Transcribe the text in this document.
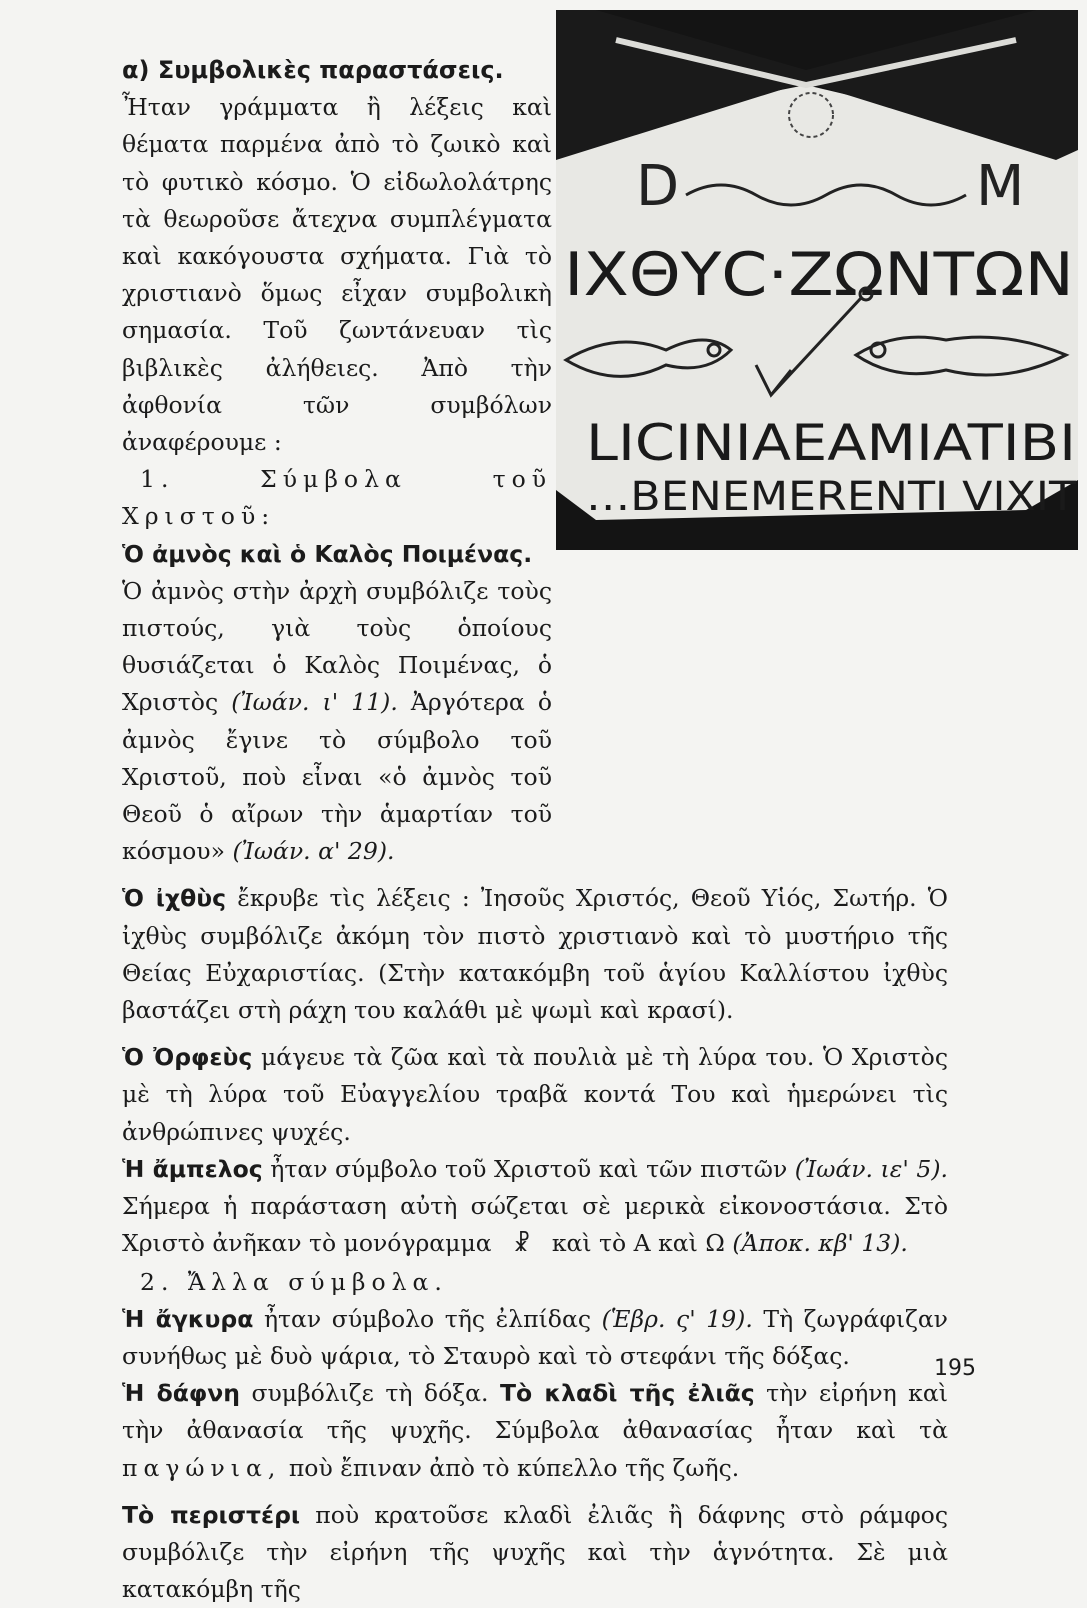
D	M
ΙΧΘΥϹ·ΖΩΝΤΩΝ
LICINIAEAMIATIBI
…BENEMERENTI VIXIT

α) Συμβολικὲς παραστάσεις.

Ἦταν γράμματα ἢ λέξεις καὶ θέματα παρμένα ἀπὸ τὸ ζωικὸ καὶ τὸ φυτικὸ κόσμο. Ὁ εἰδωλολάτρης τὰ θεωροῦσε ἄτεχνα συμπλέγματα καὶ κακόγουστα σχήματα. Γιὰ τὸ χριστιανὸ ὅμως εἶχαν συμβολικὴ σημασία. Τοῦ ζωντάνευαν τὶς βιβλικὲς ἀλήθειες. Ἀπὸ τὴν ἀφθονία τῶν συμβόλων ἀναφέρουμε :

1. Σύμβολα τοῦ Χριστοῦ:

Ὁ ἀμνὸς καὶ ὁ Καλὸς Ποιμένας.

Ὁ ἀμνὸς στὴν ἀρχὴ συμβόλιζε τοὺς πιστούς, γιὰ τοὺς ὁποίους θυσιάζεται ὁ Καλὸς Ποιμένας, ὁ Χριστὸς (Ἰωάν. ι' 11). Ἀργότερα ὁ ἀμνὸς ἔγινε τὸ σύμβολο τοῦ Χριστοῦ, ποὺ εἶναι «ὁ ἀμνὸς τοῦ Θεοῦ ὁ αἴρων τὴν ἁμαρτίαν τοῦ κόσμου» (Ἰωάν. α' 29).

Ὁ ἰχθὺς ἔκρυβε τὶς λέξεις : Ἰησοῦς Χριστός, Θεοῦ Υἱός, Σωτήρ. Ὁ ἰχθὺς συμβόλιζε ἀκόμη τὸν πιστὸ χριστιανὸ καὶ τὸ μυστήριο τῆς Θείας Εὐχαριστίας. (Στὴν κατακόμβη τοῦ ἁγίου Καλλίστου ἰχθὺς βαστάζει στὴ ράχη του καλάθι μὲ ψωμὶ καὶ κρασί).

Ὁ Ὀρφεὺς μάγευε τὰ ζῶα καὶ τὰ πουλιὰ μὲ τὴ λύρα του. Ὁ Χριστὸς μὲ τὴ λύρα τοῦ Εὐαγγελίου τραβᾶ κοντά Του καὶ ἡμερώνει τὶς ἀνθρώπινες ψυχές.

Ἡ ἄμπελος ἦταν σύμβολο τοῦ Χριστοῦ καὶ τῶν πιστῶν (Ἰωάν. ιε' 5). Σήμερα ἡ παράσταση αὐτὴ σώζεται σὲ μερικὰ εἰκονοστάσια. Στὸ Χριστὸ ἀνῆκαν τὸ μονόγραμμα ☧ καὶ τὸ Α καὶ Ω (Ἀποκ. κβ' 13).

2. Ἄλλα σύμβολα.

Ἡ ἄγκυρα ἦταν σύμβολο τῆς ἐλπίδας (Ἑβρ. ς' 19). Τὴ ζωγράφιζαν συνήθως μὲ δυὸ ψάρια, τὸ Σταυρὸ καὶ τὸ στεφάνι τῆς δόξας.

Ἡ δάφνη συμβόλιζε τὴ δόξα. Τὸ κλαδὶ τῆς ἐλιᾶς τὴν εἰρήνη καὶ τὴν ἀθανασία τῆς ψυχῆς. Σύμβολα ἀθανασίας ἦταν καὶ τὰ παγώνια, ποὺ ἔπιναν ἀπὸ τὸ κύπελλο τῆς ζωῆς.

Τὸ περιστέρι ποὺ κρατοῦσε κλαδὶ ἐλιᾶς ἢ δάφνης στὸ ράμφος συμβόλιζε τὴν εἰρήνη τῆς ψυχῆς καὶ τὴν ἁγνότητα. Σὲ μιὰ κατακόμβη τῆς

195
